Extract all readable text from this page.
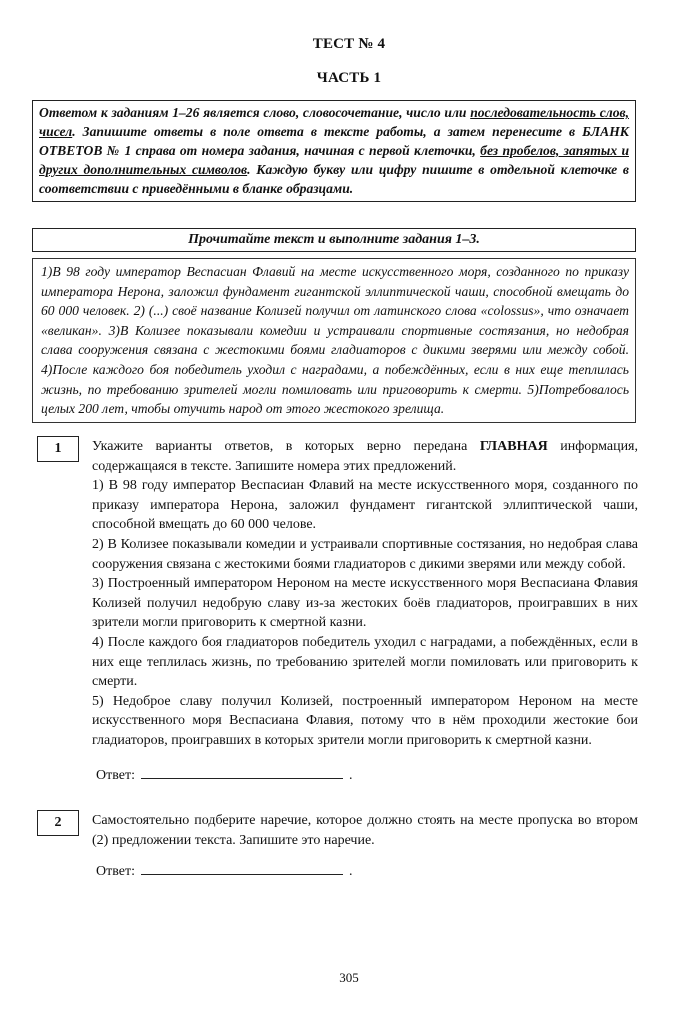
ТЕСТ № 4
ЧАСТЬ 1
Ответом к заданиям 1–26 является слово, словосочетание, число или последовательность слов, чисел. Запишите ответы в поле ответа в тексте работы, а затем перенесите в БЛАНК ОТВЕТОВ № 1 справа от номера задания, начиная с первой клеточки, без пробелов, запятых и других дополнительных символов. Каждую букву или цифру пишите в отдельной клеточке в соответствии с приведёнными в бланке образцами.
Прочитайте текст и выполните задания 1–3.
1)В 98 году император Веспасиан Флавий на месте искусственного моря, созданного по приказу императора Нерона, заложил фундамент гигантской эллиптической чаши, способной вмещать до 60 000 человек. 2) (...) своё название Колизей получил от латинского слова «colossus», что означает «великан». 3)В Колизее показывали комедии и устраивали спортивные состязания, но недобрая слава сооружения связана с жестокими боями гладиаторов с дикими зверями или между собой. 4)После каждого боя победитель уходил с наградами, а побеждённых, если в них еще теплилась жизнь, по требованию зрителей могли помиловать или приговорить к смерти. 5)Потребовалось целых 200 лет, чтобы отучить народ от этого жестокого зрелища.
1	Укажите варианты ответов, в которых верно передана ГЛАВНАЯ информация, содержащаяся в тексте. Запишите номера этих предложений.

1) В 98 году император Веспасиан Флавий на месте искусственного моря, созданного по приказу императора Нерона, заложил фундамент гигантской эллиптической чаши, способной вмещать до 60 000 челове.

2) В Колизее показывали комедии и устраивали спортивные состязания, но недобрая слава сооружения связана с жестокими боями гладиаторов с дикими зверями или между собой.

3) Построенный императором Нероном на месте искусственного моря Веспасиана Флавия Колизей получил недобрую славу из-за жестоких боёв гладиаторов, проигравших в них зрители могли приговорить к смертной казни.

4) После каждого боя гладиаторов победитель уходил с наградами, а побеждённых, если в них еще теплилась жизнь, по требованию зрителей могли помиловать или приговорить к смерти.

5) Недоброе славу получил Колизей, построенный императором Нероном на месте искусственного моря Веспасиана Флавия, потому что в нём проходили жестокие бои гладиаторов, проигравших в которых зрители могли приговорить к смертной казни.

Ответ:	.
2	Самостоятельно подберите наречие, которое должно стоять на месте пропуска во втором (2) предложении текста. Запишите это наречие.

Ответ:	.
305
